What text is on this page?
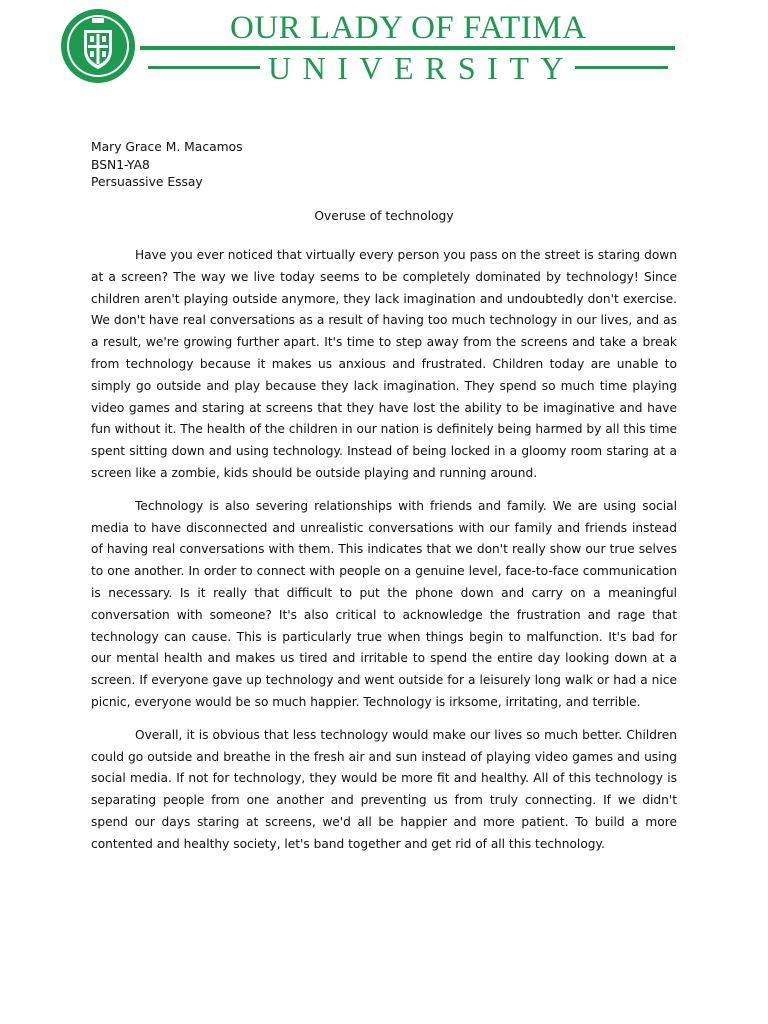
OUR LADY OF FATIMA
UNIVERSITY
Mary Grace M. Macamos
BSN1-YA8
Persuassive Essay
Overuse of technology

Have you ever noticed that virtually every person you pass on the street is staring down at a screen? The way we live today seems to be completely dominated by technology! Since children aren't playing outside anymore, they lack imagination and undoubtedly don't exercise. We don't have real conversations as a result of having too much technology in our lives, and as a result, we're growing further apart. It's time to step away from the screens and take a break from technology because it makes us anxious and frustrated. Children today are unable to simply go outside and play because they lack imagination. They spend so much time playing video games and staring at screens that they have lost the ability to be imaginative and have fun without it. The health of the children in our nation is definitely being harmed by all this time spent sitting down and using technology. Instead of being locked in a gloomy room staring at a screen like a zombie, kids should be outside playing and running around.

Technology is also severing relationships with friends and family. We are using social media to have disconnected and unrealistic conversations with our family and friends instead of having real conversations with them. This indicates that we don't really show our true selves to one another. In order to connect with people on a genuine level, face-to-face communication is necessary. Is it really that difficult to put the phone down and carry on a meaningful conversation with someone? It's also critical to acknowledge the frustration and rage that technology can cause. This is particularly true when things begin to malfunction. It's bad for our mental health and makes us tired and irritable to spend the entire day looking down at a screen. If everyone gave up technology and went outside for a leisurely long walk or had a nice picnic, everyone would be so much happier. Technology is irksome, irritating, and terrible.

Overall, it is obvious that less technology would make our lives so much better. Children could go outside and breathe in the fresh air and sun instead of playing video games and using social media. If not for technology, they would be more fit and healthy. All of this technology is separating people from one another and preventing us from truly connecting. If we didn't spend our days staring at screens, we'd all be happier and more patient. To build a more contented and healthy society, let's band together and get rid of all this technology.
